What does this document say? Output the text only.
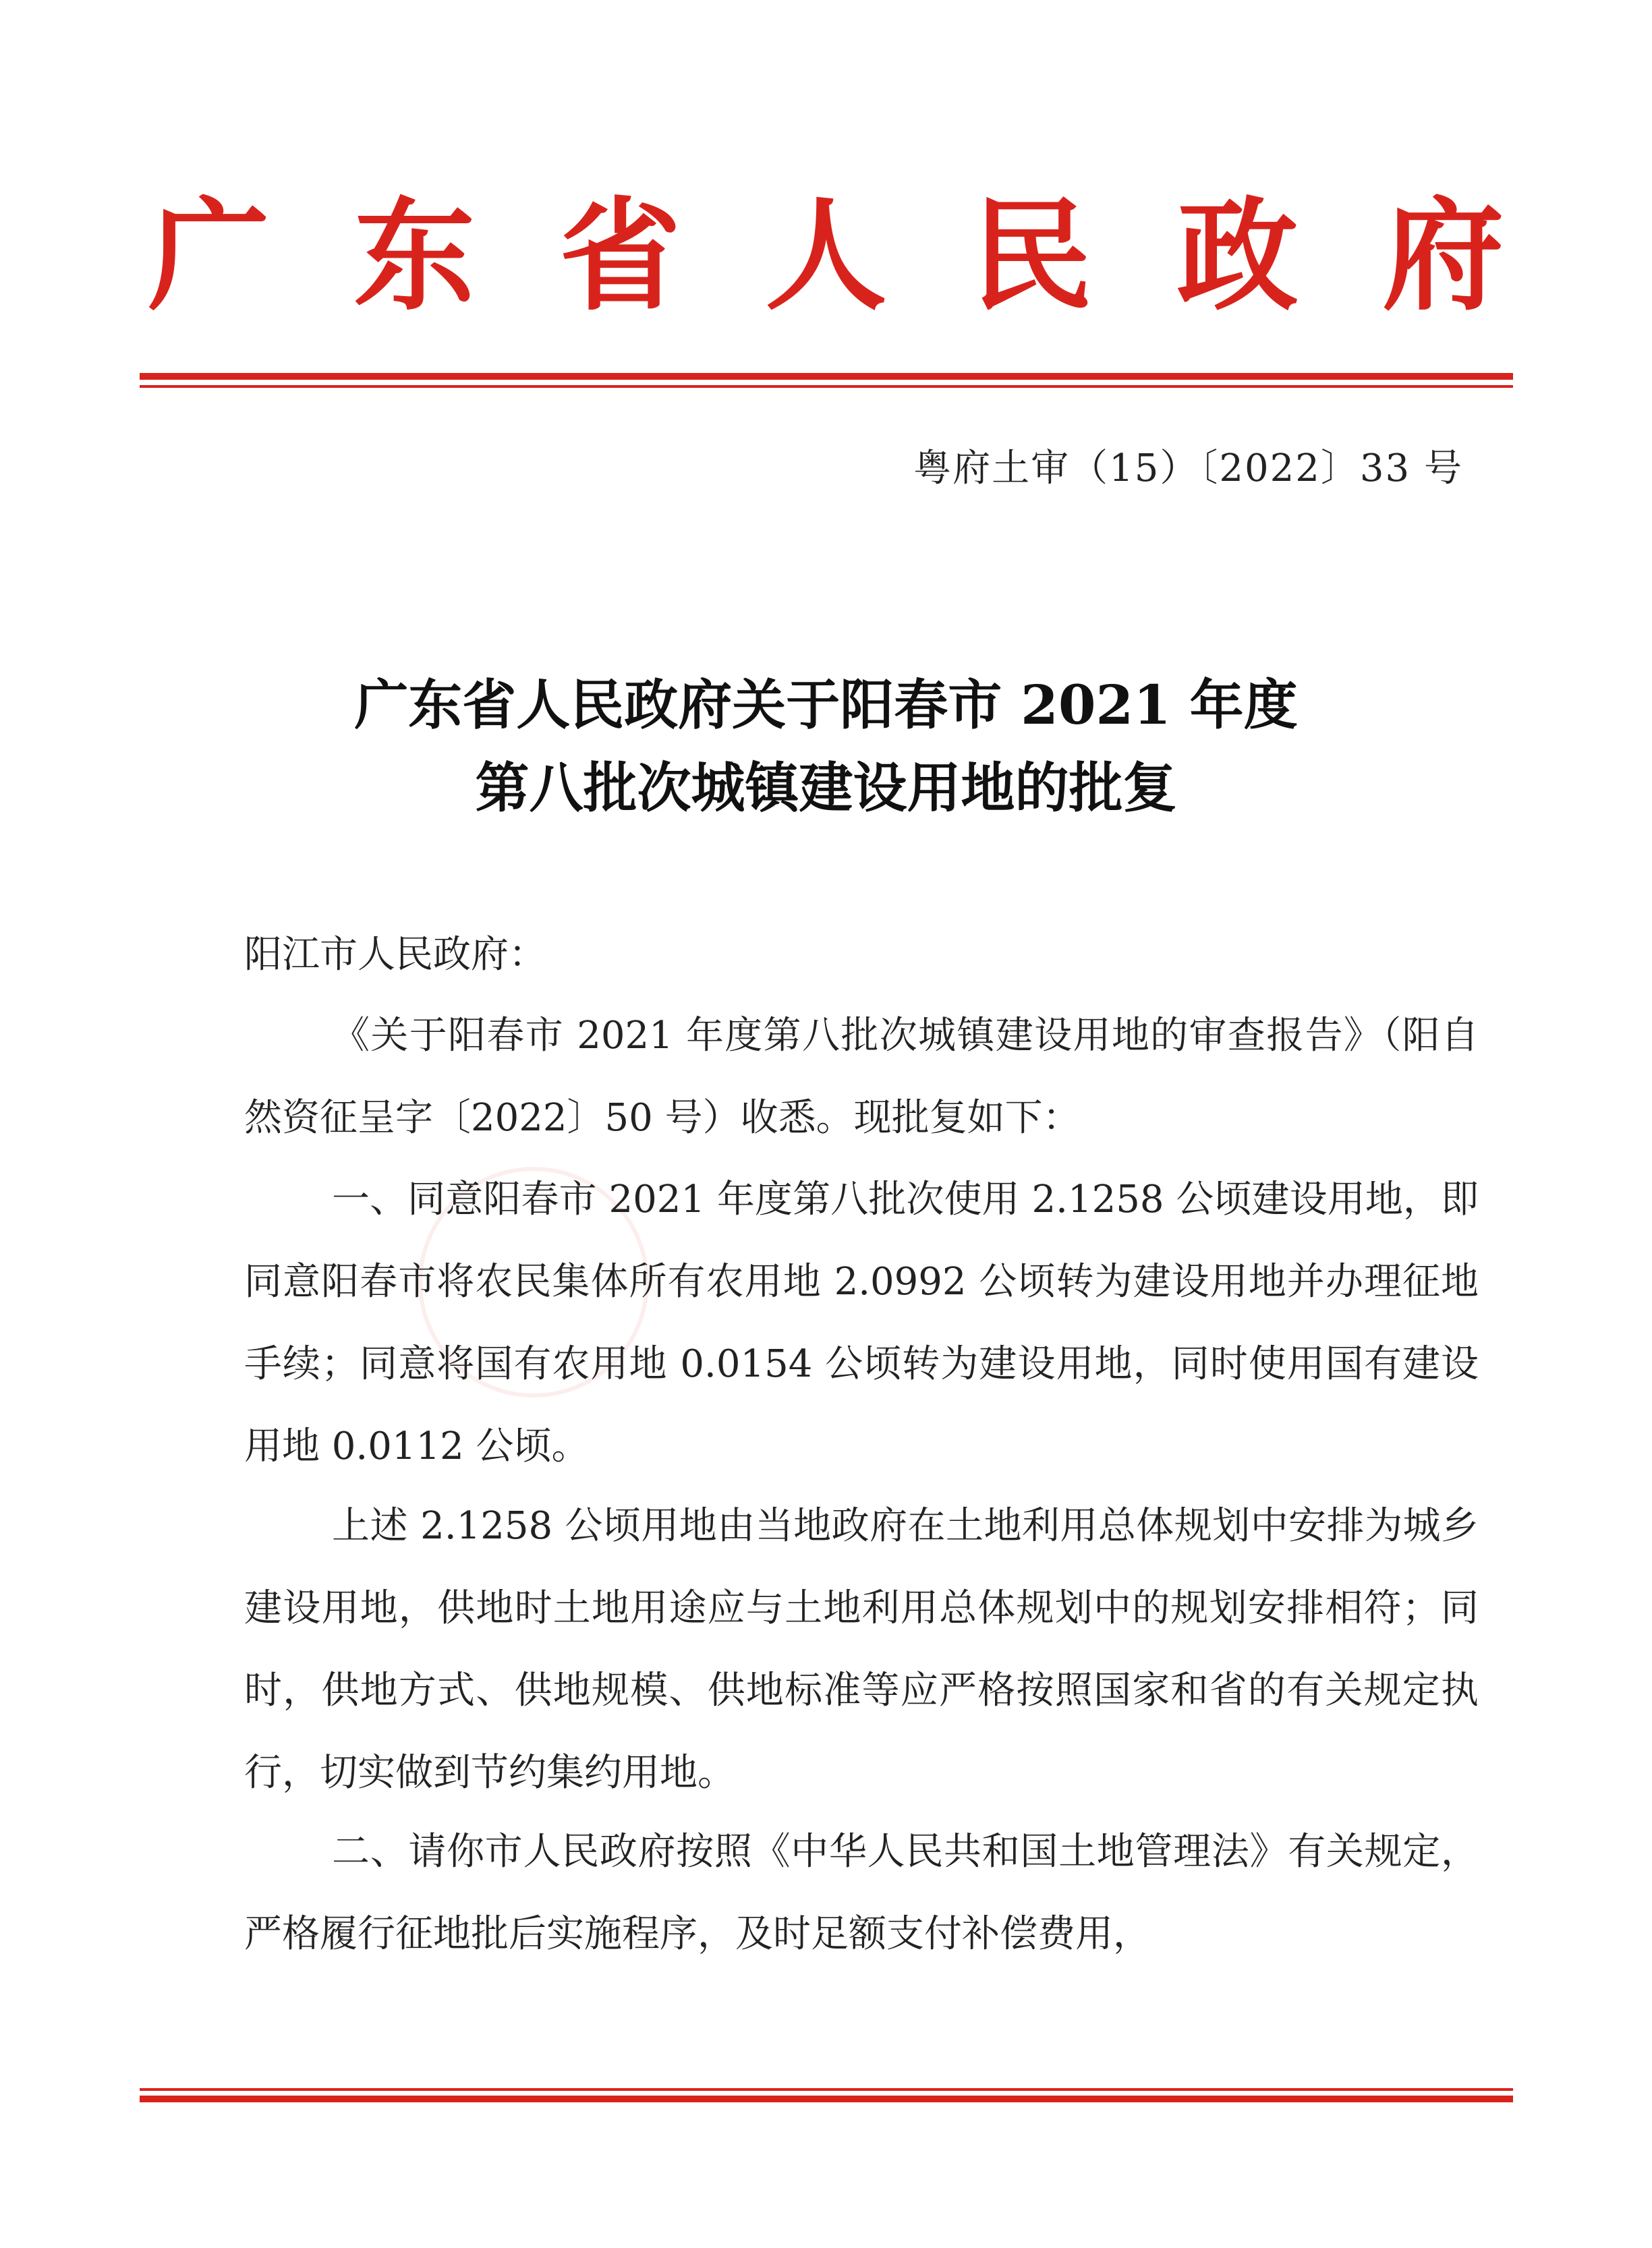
广东省人民政府
粤府土审（15）〔2022〕33 号
广东省人民政府关于阳春市 2021 年度
第八批次城镇建设用地的批复
阳江市人民政府：
《关于阳春市 2021 年度第八批次城镇建设用地的审查报告》（阳自然资征呈字〔2022〕50 号）收悉。现批复如下：
一、同意阳春市 2021 年度第八批次使用 2.1258 公顷建设用地，即同意阳春市将农民集体所有农用地 2.0992 公顷转为建设用地并办理征地手续；同意将国有农用地 0.0154 公顷转为建设用地，同时使用国有建设用地 0.0112 公顷。
上述 2.1258 公顷用地由当地政府在土地利用总体规划中安排为城乡建设用地，供地时土地用途应与土地利用总体规划中的规划安排相符；同时，供地方式、供地规模、供地标准等应严格按照国家和省的有关规定执行，切实做到节约集约用地。
二、请你市人民政府按照《中华人民共和国土地管理法》有关规定，严格履行征地批后实施程序，及时足额支付补偿费用，
